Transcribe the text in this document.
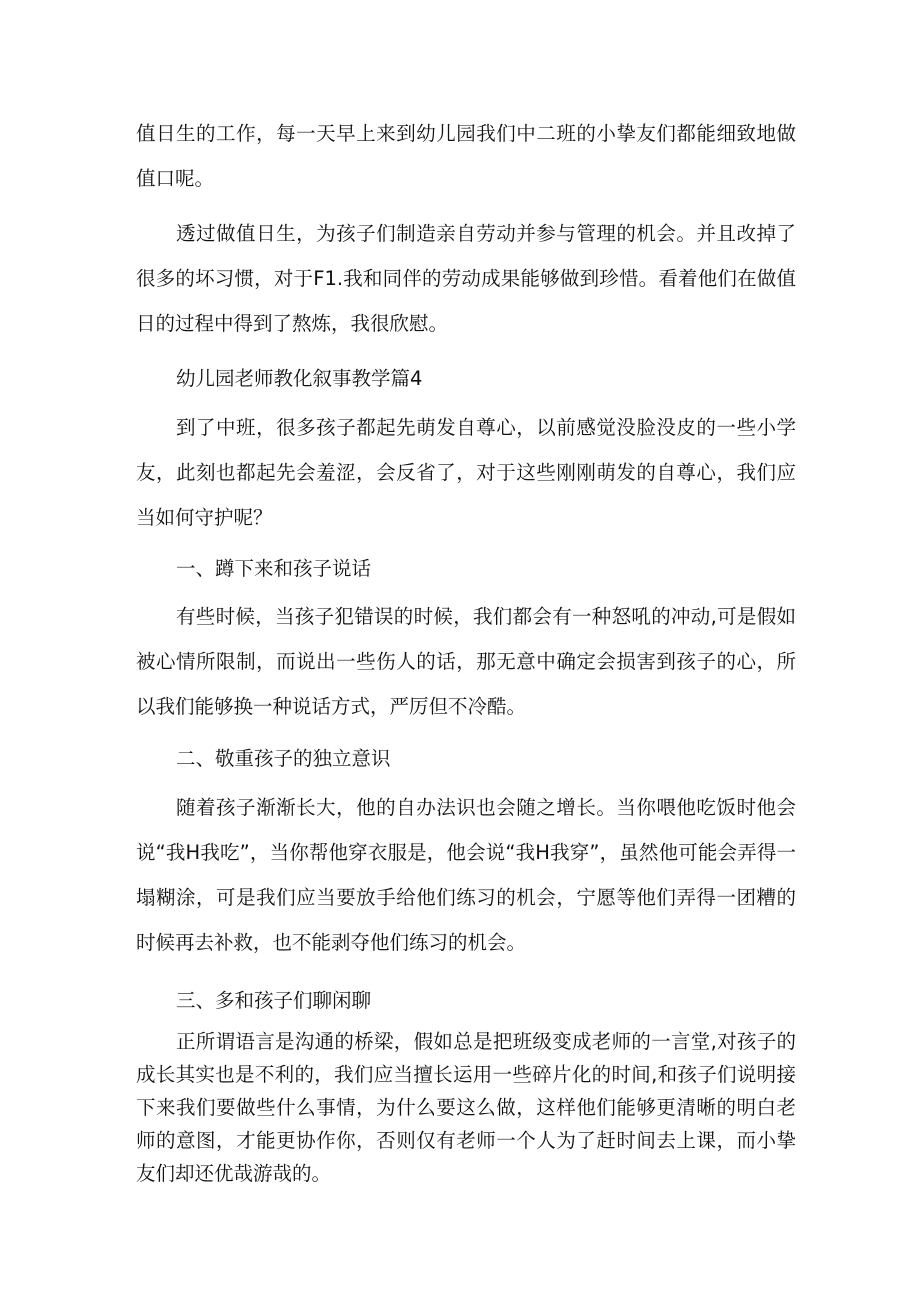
值日生的工作，每一天早上来到幼儿园我们中二班的小挚友们都能细致地做值口呢。

透过做值日生，为孩子们制造亲自劳动并参与管理的机会。并且改掉了很多的坏习惯，对于F1.我和同伴的劳动成果能够做到珍惜。看着他们在做值日的过程中得到了熬炼，我很欣慰。

幼儿园老师教化叙事教学篇4

到了中班，很多孩子都起先萌发自尊心，以前感觉没脸没皮的一些小学友，此刻也都起先会羞涩，会反省了，对于这些刚刚萌发的自尊心，我们应当如何守护呢？

一、蹲下来和孩子说话

有些时候，当孩子犯错误的时候，我们都会有一种怒吼的冲动,可是假如被心情所限制，而说出一些伤人的话，那无意中确定会损害到孩子的心，所以我们能够换一种说话方式，严厉但不冷酷。

二、敬重孩子的独立意识

随着孩子渐渐长大，他的自办法识也会随之增长。当你喂他吃饭时他会说“我H我吃”，当你帮他穿衣服是，他会说“我H我穿”，虽然他可能会弄得一塌糊涂，可是我们应当要放手给他们练习的机会，宁愿等他们弄得一团糟的时候再去补救，也不能剥夺他们练习的机会。

三、多和孩子们聊闲聊

正所谓语言是沟通的桥梁，假如总是把班级变成老师的一言堂,对孩子的成长其实也是不利的，我们应当擅长运用一些碎片化的时间,和孩子们说明接下来我们要做些什么事情，为什么要这么做，这样他们能够更清晰的明白老师的意图，才能更协作你，否则仅有老师一个人为了赶时间去上课，而小挚友们却还优哉游哉的。
